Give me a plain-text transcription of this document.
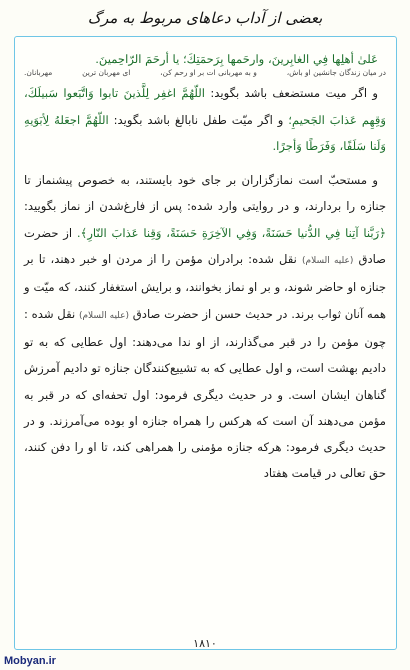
بعضی از آداب دعاهای مربوط به مرگ

عَلىٰ أهلِها فِي الغابِرينَ، وارحَمها بِرَحمَتِكَ؛ يا أرحَمَ الرّاحِمينَ.

در میان زندگان جانشین او باش،
و به مهربانی ات بر او رحم کن،
ای مهربان ترین
مهربانان.

و اگر میت مستضعف باشد بگوید: اللّهُمَّ اغفِر لِلَّذينَ تابوا وَاتَّبَعوا سَبيلَكَ، وَقِهِم عَذابَ الجَحيمِ؛ و اگر میّت طفل نابالغ باشد بگوید: اللّهُمَّ اجعَلهُ لِأبَوَيهِ وَلَنا سَلَفًا، وَفَرَطًا وَأجرًا.

و مستحبّ است نمازگزاران بر جای خود بایستند، به خصوص پیشنماز تا جنازه را بردارند، و در روایتی وارد شده: پس از فارغ‌شدن از نماز بگویید: ﴿رَبَّنا آتِنا فِي الدُّنيا حَسَنَةً، وَفِي الآخِرَةِ حَسَنَةً، وَقِنا عَذابَ النّارِ﴾. از حضرت صادق (علیه السلام) نقل شده: برادران مؤمن را از مردن او خبر دهند، تا بر جنازه او حاضر شوند، و بر او نماز بخوانند، و برایش استغفار کنند، که میّت و همه آنان ثواب برند. در حدیث حسن از حضرت صادق (علیه السلام) نقل شده : چون مؤمن را در قبر می‌گذارند، از او ندا می‌دهند: اول عطایی که به تو دادیم بهشت است، و اول عطایی که به تشییع‌کنندگان جنازه تو دادیم آمرزش گناهان ایشان است. و در حدیث دیگری فرمود: اول تحفه‌ای که در قبر به مؤمن می‌دهند آن است که هرکس را همراه جنازه او بوده می‌آمرزند. و در حدیث دیگری فرمود: هرکه جنازه مؤمنی را همراهی کند، تا او را دفن کنند، حق تعالی در قیامت هفتاد

۱۸۱۰
Mobyan.ir
